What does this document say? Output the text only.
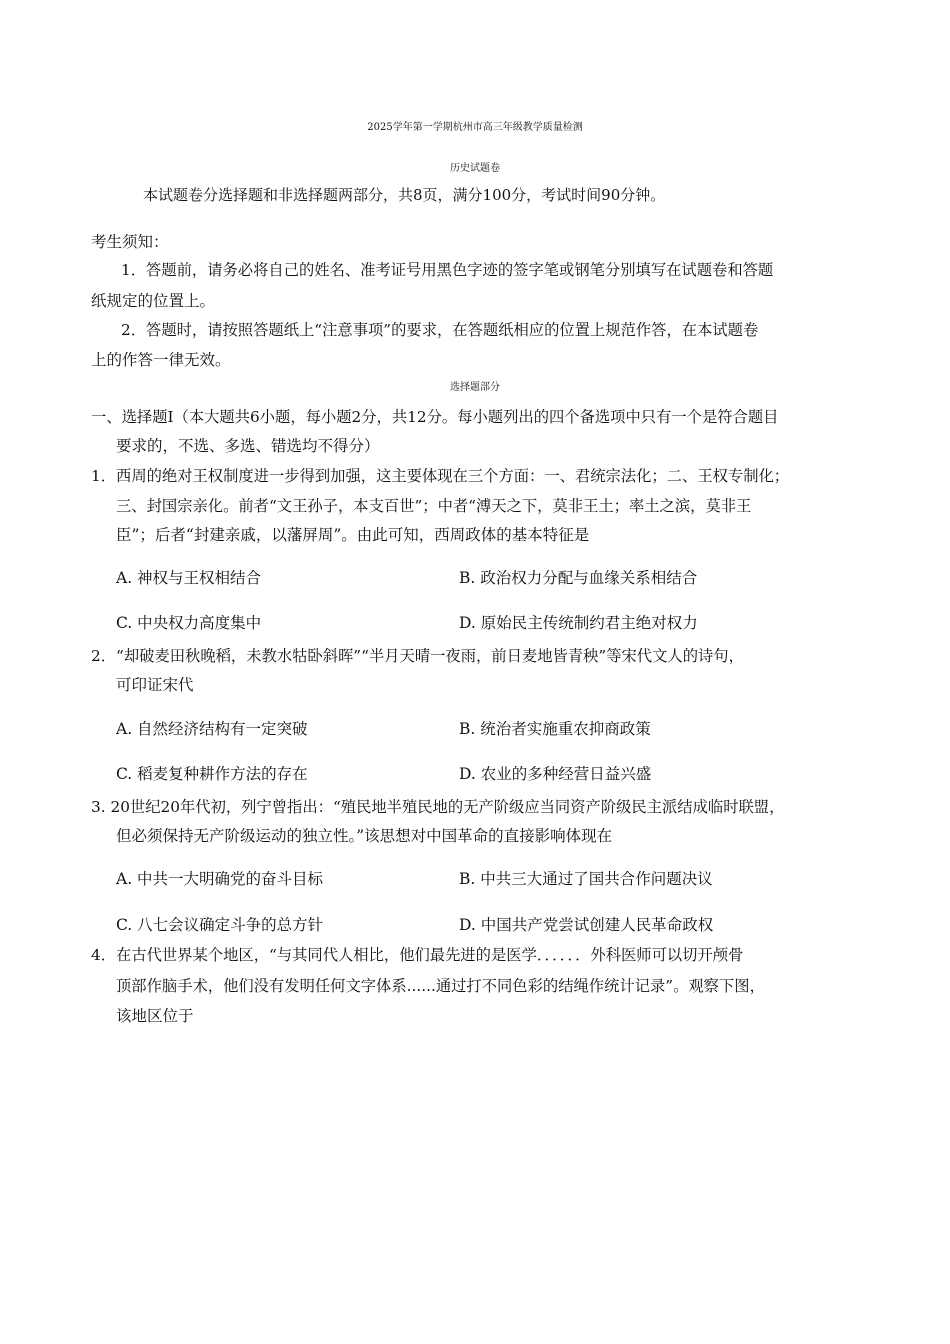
2025学年第一学期杭州市高三年级教学质量检测
历史试题卷
本试题卷分选择题和非选择题两部分，共8页，满分100分，考试时间90分钟。
考生须知：
1．答题前，请务必将自己的姓名、准考证号用黑色字迹的签字笔或钢笔分别填写在试题卷和答题
纸规定的位置上。
2．答题时，请按照答题纸上“注意事项”的要求，在答题纸相应的位置上规范作答，在本试题卷
上的作答一律无效。
选择题部分
一、选择题Ⅰ（本大题共6小题，每小题2分，共12分。每小题列出的四个备选项中只有一个是符合题目
要求的，不选、多选、错选均不得分）
1．西周的绝对王权制度进一步得到加强，这主要体现在三个方面：一、君统宗法化；二、王权专制化；
三、封国宗亲化。前者“文王孙子，本支百世”；中者“溥天之下，莫非王土；率土之滨，莫非王
臣”；后者“封建亲戚，以藩屏周”。由此可知，西周政体的基本特征是
A. 神权与王权相结合	B. 政治权力分配与血缘关系相结合
C. 中央权力高度集中	D. 原始民主传统制约君主绝对权力
2．“却破麦田秋晚稻，未教水牯卧斜晖”“半月天晴一夜雨，前日麦地皆青秧”等宋代文人的诗句，
可印证宋代
A. 自然经济结构有一定突破	B. 统治者实施重农抑商政策
C. 稻麦复种耕作方法的存在	D. 农业的多种经营日益兴盛
3. 20世纪20年代初，列宁曾指出：“殖民地半殖民地的无产阶级应当同资产阶级民主派结成临时联盟，
但必须保持无产阶级运动的独立性。”该思想对中国革命的直接影响体现在
A. 中共一大明确党的奋斗目标	B. 中共三大通过了国共合作问题决议
C. 八七会议确定斗争的总方针	D. 中国共产党尝试创建人民革命政权
4．在古代世界某个地区，“与其同代人相比，他们最先进的是医学．．．．．．外科医师可以切开颅骨
顶部作脑手术，他们没有发明任何文字体系......通过打不同色彩的结绳作统计记录”。观察下图，
该地区位于
